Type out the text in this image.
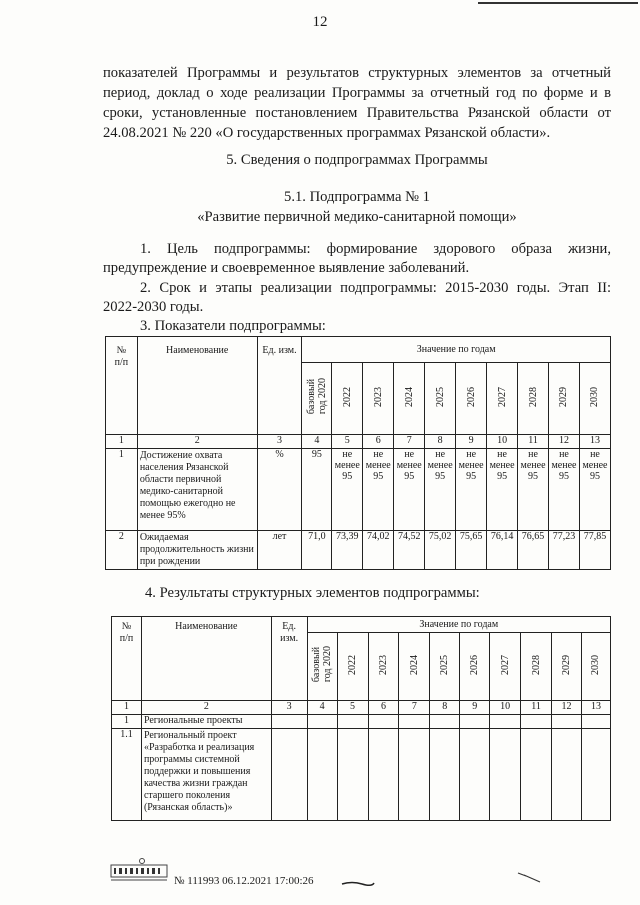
12
показателей Программы и результатов структурных элементов за отчетный
период, доклад о ходе реализации Программы за отчетный год по форме и в
сроки, установленные постановлением Правительства Рязанской области от
24.08.2021 № 220 «О государственных программах Рязанской области».
5. Сведения о подпрограммах Программы
5.1. Подпрограмма № 1
«Развитие первичной медико-санитарной помощи»
1. Цель подпрограммы: формирование здорового образа жизни,
предупреждение и своевременное выявление заболеваний.
2. Срок и этапы реализации подпрограммы: 2015-2030 годы. Этап II:
2022-2030 годы.
3. Показатели подпрограммы:
№
п/п	Наименование	Ед. изм.	Значение по годам									
			базовый
год 2020	2022	2023	2024	2025	2026	2027	2028	2029	2030
1	2	3	4	5	6	7	8	9	10	11	12	13
1	Достижение охвата населения Рязанской области первичной медико-санитарной помощью ежегодно не менее 95%	%	95	не
менее
95	не
менее
95	не
менее
95	не
менее
95	не
менее
95	не
менее
95	не
менее
95	не
менее
95	не
менее
95
2	Ожидаемая продолжительность жизни при рождении	лет	71,0	73,39	74,02	74,52	75,02	75,65	76,14	76,65	77,23	77,85
4. Результаты структурных элементов подпрограммы:
№
п/п	Наименование	Ед.
изм.	Значение по годам									
			базовый
год 2020	2022	2023	2024	2025	2026	2027	2028	2029	2030
1	2	3	4	5	6	7	8	9	10	11	12	13
1	Региональные проекты											
1.1	Региональный проект «Разработка и реализация программы системной поддержки и повышения качества жизни граждан старшего поколения (Рязанская область)»											
№ 111993 06.12.2021 17:00:26
